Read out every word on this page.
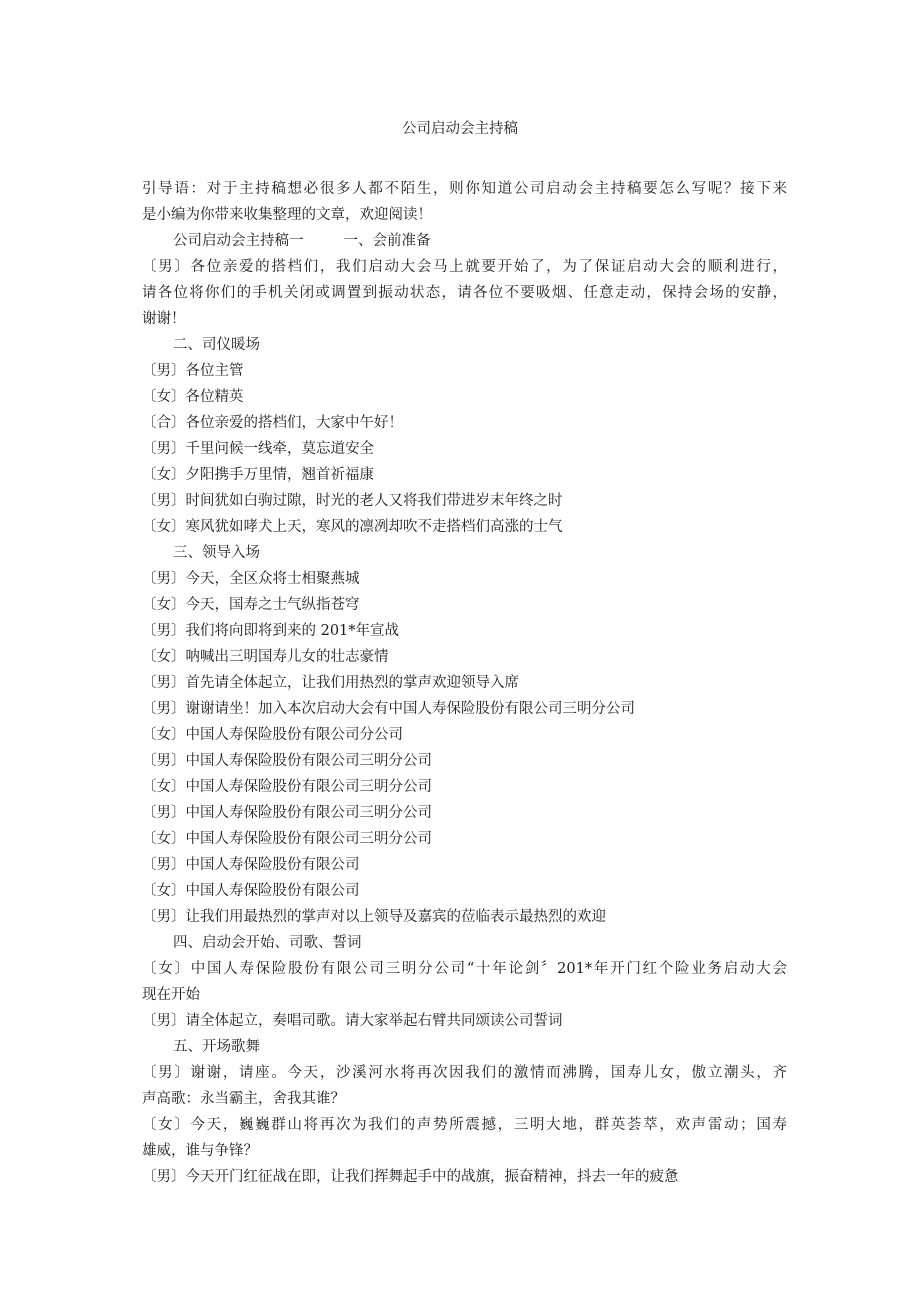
公司启动会主持稿
引导语：对于主持稿想必很多人都不陌生，则你知道公司启动会主持稿要怎么写呢？接下来
是小编为你带来收集整理的文章，欢迎阅读！
公司启动会主持稿一	一、会前准备
〔男〕各位亲爱的搭档们，我们启动大会马上就要开始了，为了保证启动大会的顺利进行，
请各位将你们的手机关闭或调置到振动状态，请各位不要吸烟、任意走动，保持会场的安静，
谢谢！
二、司仪暖场
〔男〕各位主管
〔女〕各位精英
〔合〕各位亲爱的搭档们，大家中午好！
〔男〕千里问候一线牵，莫忘道安全
〔女〕夕阳携手万里情，翘首祈福康
〔男〕时间犹如白驹过隙，时光的老人又将我们带进岁末年终之时
〔女〕寒风犹如哮犬上天，寒风的凛冽却吹不走搭档们高涨的士气
三、领导入场
〔男〕今天，全区众将士相聚燕城
〔女〕今天，国寿之士气纵指苍穹
〔男〕我们将向即将到来的 201*年宣战
〔女〕呐喊出三明国寿儿女的壮志豪情
〔男〕首先请全体起立，让我们用热烈的掌声欢迎领导入席
〔男〕谢谢请坐！加入本次启动大会有中国人寿保险股份有限公司三明分公司
〔女〕中国人寿保险股份有限公司分公司
〔男〕中国人寿保险股份有限公司三明分公司
〔女〕中国人寿保险股份有限公司三明分公司
〔男〕中国人寿保险股份有限公司三明分公司
〔女〕中国人寿保险股份有限公司三明分公司
〔男〕中国人寿保险股份有限公司
〔女〕中国人寿保险股份有限公司
〔男〕让我们用最热烈的掌声对以上领导及嘉宾的莅临表示最热烈的欢迎
四、启动会开始、司歌、誓词
〔女〕中国人寿保险股份有限公司三明分公司“十年论剑〞201*年开门红个险业务启动大会
现在开始
〔男〕请全体起立，奏唱司歌。请大家举起右臂共同颂读公司誓词
五、开场歌舞
〔男〕谢谢，请座。今天，沙溪河水将再次因我们的激情而沸腾，国寿儿女，傲立潮头，齐
声高歌：永当霸主，舍我其谁？
〔女〕今天，巍巍群山将再次为我们的声势所震撼，三明大地，群英荟萃，欢声雷动；国寿
雄威，谁与争锋？
〔男〕今天开门红征战在即，让我们挥舞起手中的战旗，振奋精神，抖去一年的疲惫
